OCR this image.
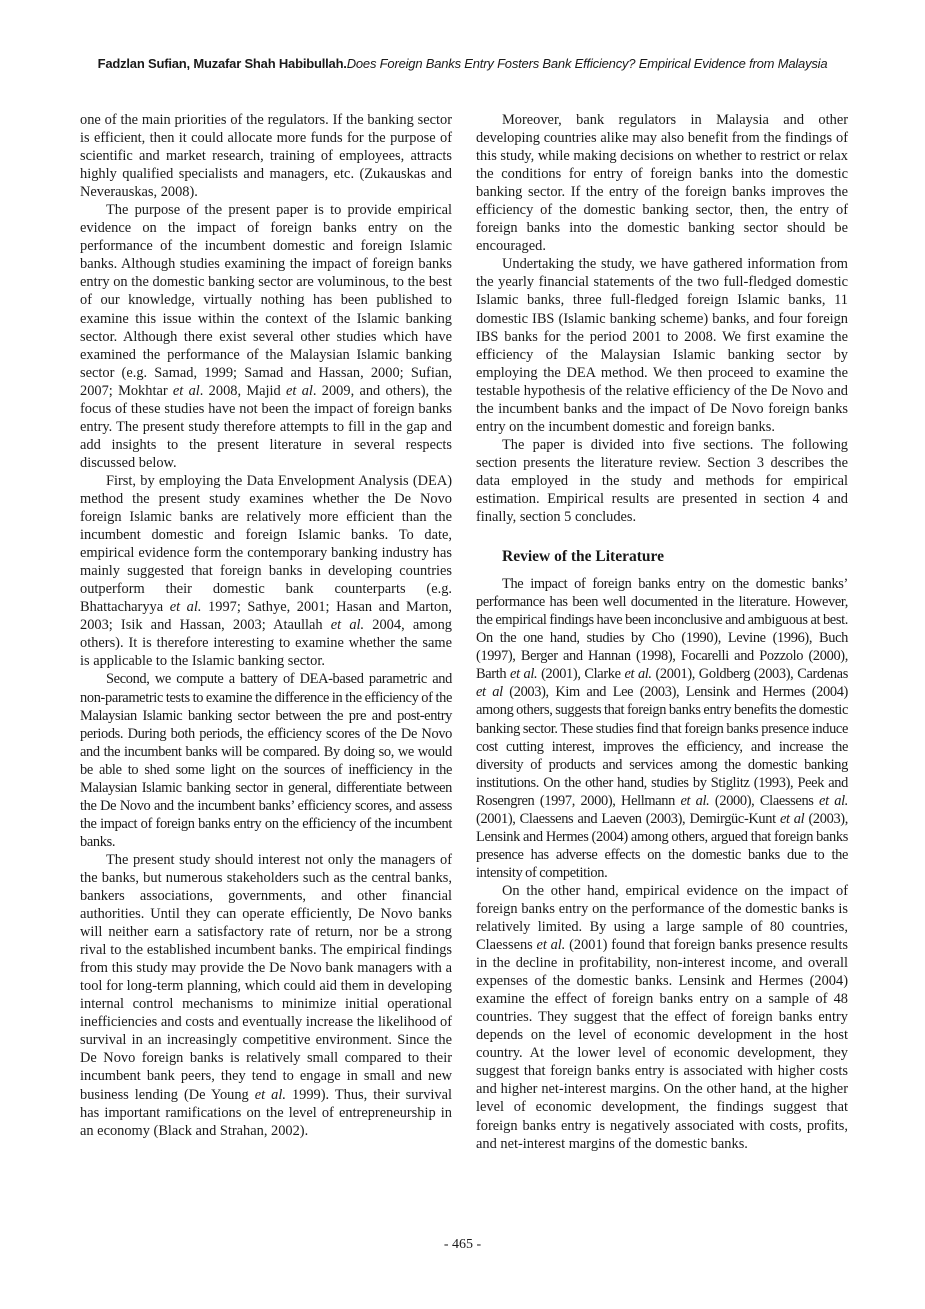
Fadzlan Sufian, Muzafar Shah Habibullah.Does Foreign Banks Entry Fosters Bank Efficiency? Empirical Evidence from Malaysia

one of the main priorities of the regulators. If the banking sector is efficient, then it could allocate more funds for the purpose of scientific and market research, training of employees, attracts highly qualified specialists and managers, etc. (Zukauskas and Neverauskas, 2008).

The purpose of the present paper is to provide empirical evidence on the impact of foreign banks entry on the performance of the incumbent domestic and foreign Islamic banks. Although studies examining the impact of foreign banks entry on the domestic banking sector are voluminous, to the best of our knowledge, virtually nothing has been published to examine this issue within the context of the Islamic banking sector. Although there exist several other studies which have examined the performance of the Malaysian Islamic banking sector (e.g. Samad, 1999; Samad and Hassan, 2000; Sufian, 2007; Mokhtar et al. 2008, Majid et al. 2009, and others), the focus of these studies have not been the impact of foreign banks entry. The present study therefore attempts to fill in the gap and add insights to the present literature in several respects discussed below.

First, by employing the Data Envelopment Analysis (DEA) method the present study examines whether the De Novo foreign Islamic banks are relatively more efficient than the incumbent domestic and foreign Islamic banks. To date, empirical evidence form the contemporary banking industry has mainly suggested that foreign banks in developing countries outperform their domestic bank counterparts (e.g. Bhattacharyya et al. 1997; Sathye, 2001; Hasan and Marton, 2003; Isik and Hassan, 2003; Ataullah et al. 2004, among others). It is therefore interesting to examine whether the same is applicable to the Islamic banking sector.

Second, we compute a battery of DEA-based parametric and non-parametric tests to examine the difference in the efficiency of the Malaysian Islamic banking sector between the pre and post-entry periods. During both periods, the efficiency scores of the De Novo and the incumbent banks will be compared. By doing so, we would be able to shed some light on the sources of inefficiency in the Malaysian Islamic banking sector in general, differentiate between the De Novo and the incumbent banks’ efficiency scores, and assess the impact of foreign banks entry on the efficiency of the incumbent banks.

The present study should interest not only the managers of the banks, but numerous stakeholders such as the central banks, bankers associations, governments, and other financial authorities. Until they can operate efficiently, De Novo banks will neither earn a satisfactory rate of return, nor be a strong rival to the established incumbent banks. The empirical findings from this study may provide the De Novo bank managers with a tool for long-term planning, which could aid them in developing internal control mechanisms to minimize initial operational inefficiencies and costs and eventually increase the likelihood of survival in an increasingly competitive environment. Since the De Novo foreign banks is relatively small compared to their incumbent bank peers, they tend to engage in small and new business lending (De Young et al. 1999). Thus, their survival has important ramifications on the level of entrepreneurship in an economy (Black and Strahan, 2002).

Moreover, bank regulators in Malaysia and other developing countries alike may also benefit from the findings of this study, while making decisions on whether to restrict or relax the conditions for entry of foreign banks into the domestic banking sector. If the entry of the foreign banks improves the efficiency of the domestic banking sector, then, the entry of foreign banks into the domestic banking sector should be encouraged.

Undertaking the study, we have gathered information from the yearly financial statements of the two full-fledged domestic Islamic banks, three full-fledged foreign Islamic banks, 11 domestic IBS (Islamic banking scheme) banks, and four foreign IBS banks for the period 2001 to 2008. We first examine the efficiency of the Malaysian Islamic banking sector by employing the DEA method. We then proceed to examine the testable hypothesis of the relative efficiency of the De Novo and the incumbent banks and the impact of De Novo foreign banks entry on the incumbent domestic and foreign banks.

The paper is divided into five sections. The following section presents the literature review. Section 3 describes the data employed in the study and methods for empirical estimation. Empirical results are presented in section 4 and finally, section 5 concludes.

Review of the Literature

The impact of foreign banks entry on the domestic banks’ performance has been well documented in the literature. However, the empirical findings have been inconclusive and ambiguous at best. On the one hand, studies by Cho (1990), Levine (1996), Buch (1997), Berger and Hannan (1998), Focarelli and Pozzolo (2000), Barth et al. (2001), Clarke et al. (2001), Goldberg (2003), Cardenas et al (2003), Kim and Lee (2003), Lensink and Hermes (2004) among others, suggests that foreign banks entry benefits the domestic banking sector. These studies find that foreign banks presence induce cost cutting interest, improves the efficiency, and increase the diversity of products and services among the domestic banking institutions. On the other hand, studies by Stiglitz (1993), Peek and Rosengren (1997, 2000), Hellmann et al. (2000), Claessens et al. (2001), Claessens and Laeven (2003), Demirgüc-Kunt et al (2003), Lensink and Hermes (2004) among others, argued that foreign banks presence has adverse effects on the domestic banks due to the intensity of competition.

On the other hand, empirical evidence on the impact of foreign banks entry on the performance of the domestic banks is relatively limited. By using a large sample of 80 countries, Claessens et al. (2001) found that foreign banks presence results in the decline in profitability, non-interest income, and overall expenses of the domestic banks. Lensink and Hermes (2004) examine the effect of foreign banks entry on a sample of 48 countries. They suggest that the effect of foreign banks entry depends on the level of economic development in the host country. At the lower level of economic development, they suggest that foreign banks entry is associated with higher costs and higher net-interest margins. On the other hand, at the higher level of economic development, the findings suggest that foreign banks entry is negatively associated with costs, profits, and net-interest margins of the domestic banks.

- 465 -
